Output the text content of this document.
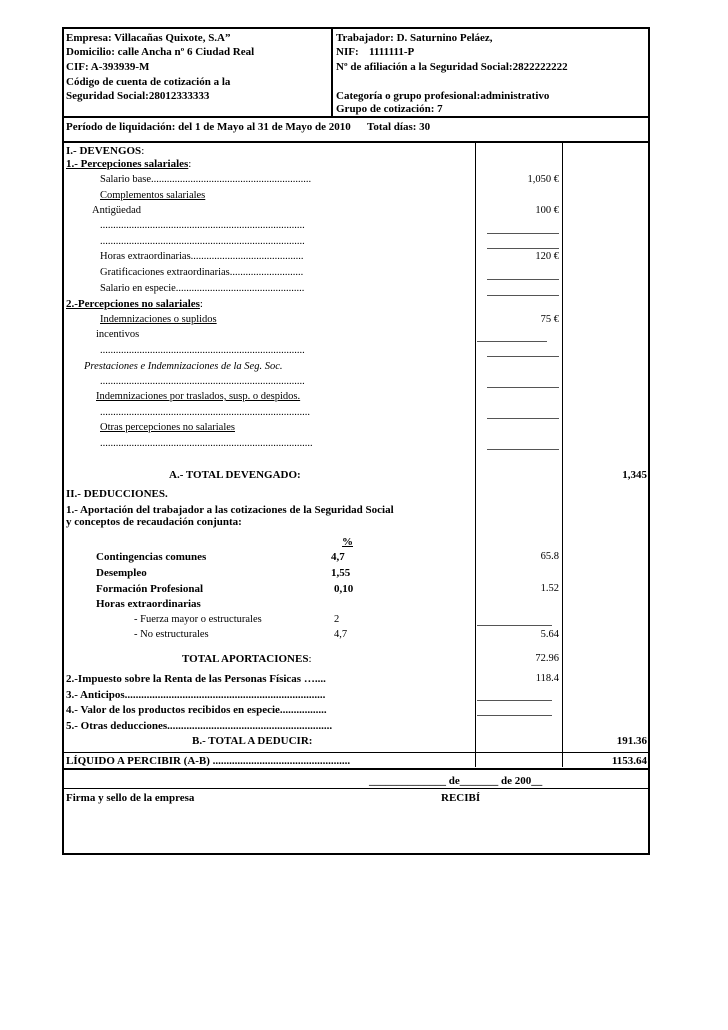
Empresa: Villacañas Quixote, S.A”
Domicilio: calle Ancha nº 6 Ciudad Real
CIF: A-393939-M
Código de cuenta de cotización a la
Seguridad Social:28012333333
Trabajador: D. Saturnino Peláez,
NIF: 1111111-P
Nº de afiliación a la Seguridad Social:2822222222
Categoría o grupo profesional:administrativo
Grupo de cotización: 7
Período de liquidación: del 1 de Mayo al 31 de Mayo de 2010 Total días: 30
I.- DEVENGOS:
1.- Percepciones salariales:
Salario base.............................................................	1,050 €
Complementos salariales
Antigüedad	100 €
..............................................................................
..............................................................................
Horas extraordinarias...........................................	120 €
Gratificaciones extraordinarias............................
Salario en especie.................................................
2.-Percepciones no salariales:
Indemnizaciones o suplidos	75 €
incentivos
..............................................................................
Prestaciones e Indemnizaciones de la Seg. Soc.
..............................................................................
Indemnizaciones por traslados, susp. o despidos.
................................................................................
Otras percepciones no salariales
.................................................................................
A.- TOTAL DEVENGADO:	1,345
II.- DEDUCCIONES.
1.- Aportación del trabajador a las cotizaciones de la Seguridad Social
y conceptos de recaudación conjunta:
%
Contingencias comunes	4,7	65.8
Desempleo	1,55
Formación Profesional	0,10	1.52
Horas extraordinarias
- Fuerza mayor o estructurales	2
- No estructurales	4,7	5.64
TOTAL APORTACIONES:	72.96
2.-Impuesto sobre la Renta de las Personas Físicas …....	118.4
3.- Anticipos.........................................................................
4.- Valor de los productos recibidos en especie.................
5.- Otras deducciones............................................................
B.- TOTAL A DEDUCIR:	191.36
LÍQUIDO A PERCIBIR (A-B) ..................................................	1153.64
______________ de_______ de 200__
Firma y sello de la empresa	RECIBÍ
